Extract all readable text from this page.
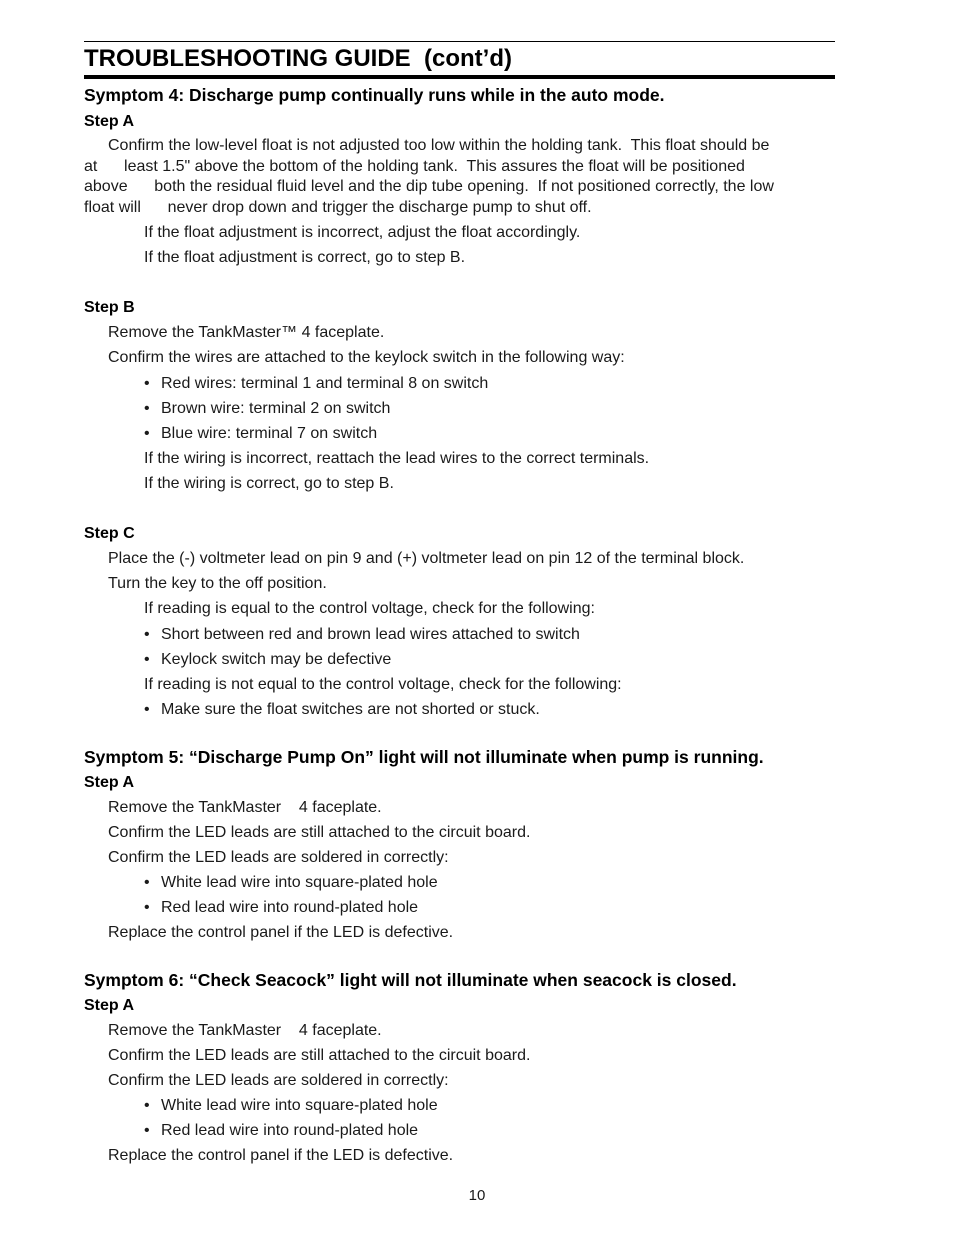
TROUBLESHOOTING GUIDE  (cont’d)
Symptom 4: Discharge pump continually runs while in the auto mode.
Step A
Confirm the low-level float is not adjusted too low within the holding tank.  This float should be
at      least 1.5" above the bottom of the holding tank.  This assures the float will be positioned
above      both the residual fluid level and the dip tube opening.  If not positioned correctly, the low
float will      never drop down and trigger the discharge pump to shut off.
If the float adjustment is incorrect, adjust the float accordingly.
If the float adjustment is correct, go to step B.
Step B
Remove the TankMaster™ 4 faceplate.
Confirm the wires are attached to the keylock switch in the following way:
• Red wires: terminal 1 and terminal 8 on switch
• Brown wire: terminal 2 on switch
• Blue wire: terminal 7 on switch
If the wiring is incorrect, reattach the lead wires to the correct terminals.
If the wiring is correct, go to step B.
Step C
Place the (-) voltmeter lead on pin 9 and (+) voltmeter lead on pin 12 of the terminal block.
Turn the key to the off position.
If reading is equal to the control voltage, check for the following:
• Short between red and brown lead wires attached to switch
• Keylock switch may be defective
If reading is not equal to the control voltage, check for the following:
• Make sure the float switches are not shorted or stuck.
Symptom 5: “Discharge Pump On” light will not illuminate when pump is running.
Step A
Remove the TankMaster    4 faceplate.
Confirm the LED leads are still attached to the circuit board.
Confirm the LED leads are soldered in correctly:
• White lead wire into square-plated hole
• Red lead wire into round-plated hole
Replace the control panel if the LED is defective.
Symptom 6: “Check Seacock” light will not illuminate when seacock is closed.
Step A
Remove the TankMaster    4 faceplate.
Confirm the LED leads are still attached to the circuit board.
Confirm the LED leads are soldered in correctly:
• White lead wire into square-plated hole
• Red lead wire into round-plated hole
Replace the control panel if the LED is defective.
10
